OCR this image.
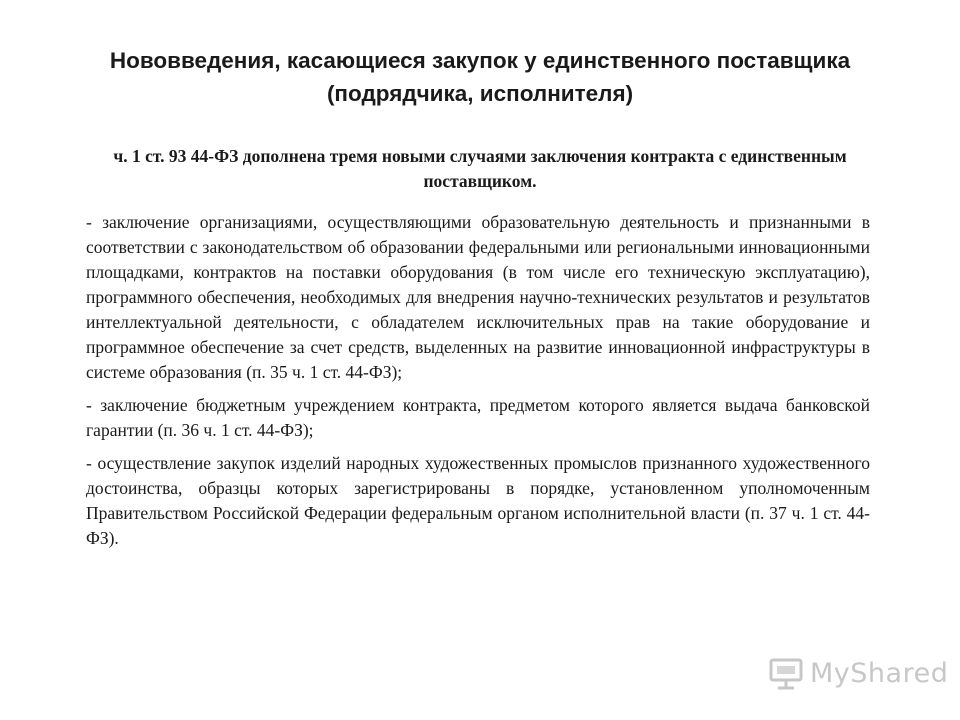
Нововведения, касающиеся закупок у единственного поставщика (подрядчика, исполнителя)
ч. 1 ст. 93 44-ФЗ дополнена тремя новыми случаями заключения контракта с единственным поставщиком.

- заключение организациями, осуществляющими образовательную деятельность и признанными в соответствии с законодательством об образовании федеральными или региональными инновационными площадками, контрактов на поставки оборудования (в том числе его техническую эксплуатацию), программного обеспечения, необходимых для внедрения научно-технических результатов и результатов интеллектуальной деятельности, с обладателем исключительных прав на такие оборудование и программное обеспечение за счет средств, выделенных на развитие инновационной инфраструктуры в системе образования (п. 35 ч. 1 ст. 44-ФЗ);

- заключение бюджетным учреждением контракта, предметом которого является выдача банковской гарантии (п. 36 ч. 1 ст. 44-ФЗ);

- осуществление закупок изделий народных художественных промыслов признанного художественного достоинства, образцы которых зарегистрированы в порядке, установленном уполномоченным Правительством Российской Федерации федеральным органом исполнительной власти (п. 37 ч. 1 ст. 44-ФЗ).

MyShared
